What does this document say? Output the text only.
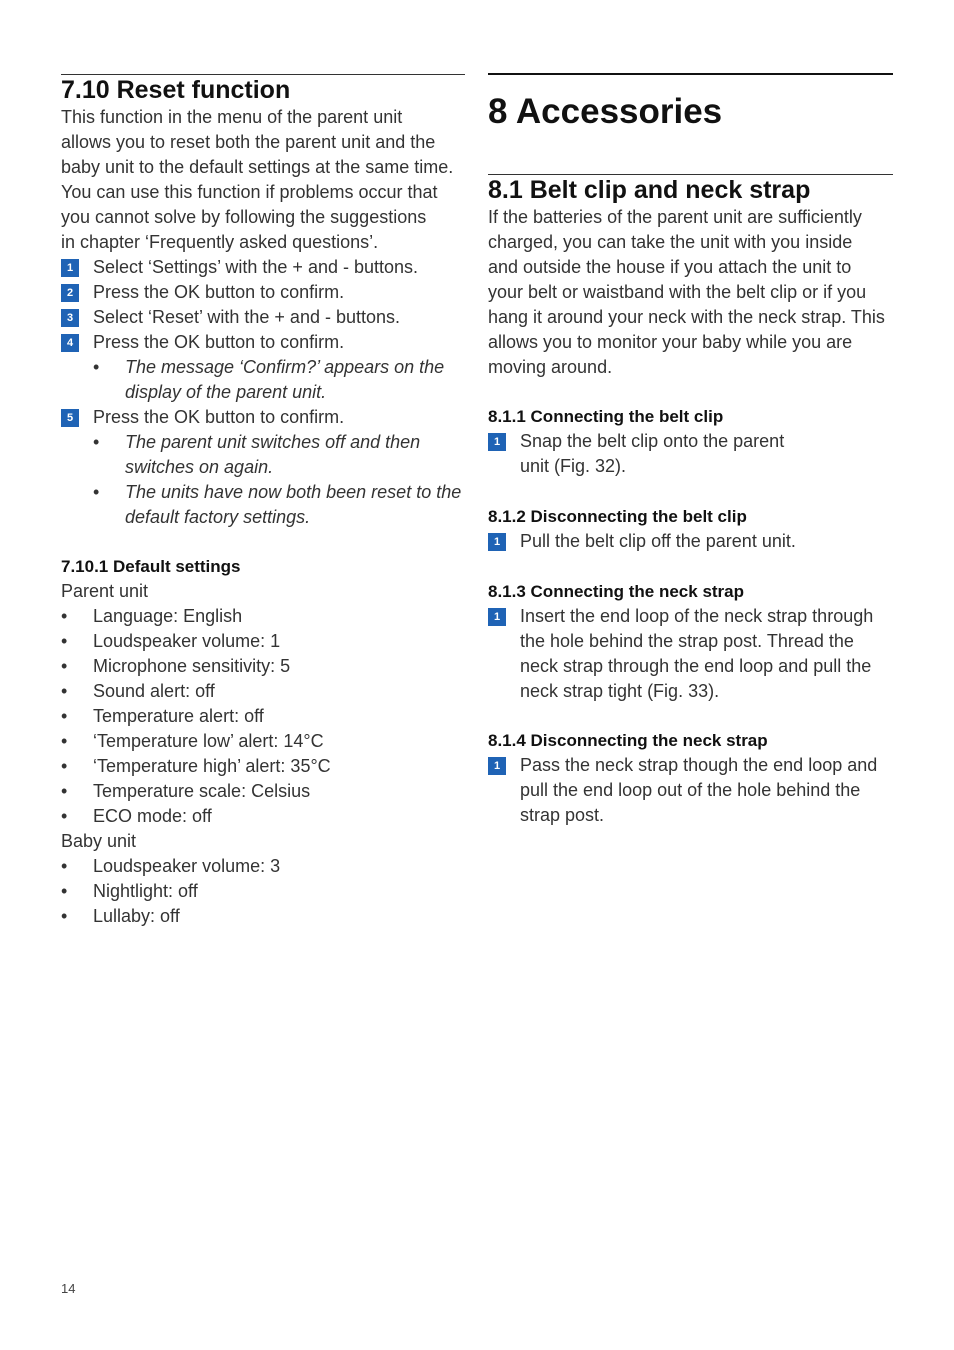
7.10 Reset function
This function in the menu of the parent unit
allows you to reset both the parent unit and the
baby unit to the default settings at the same time.
You can use this function if problems occur that
you cannot solve by following the suggestions
in chapter ‘Frequently asked questions’.
1	Select ‘Settings’ with the + and - buttons.
2	Press the OK button to confirm.
3	Select ‘Reset’ with the + and - buttons.
4	Press the OK button to confirm.
• The message ‘Confirm?’ appears on the
display of the parent unit.
5	Press the OK button to confirm.
• The parent unit switches off and then
switches on again.
• The units have now both been reset to the
default factory settings.
7.10.1 Default settings
Parent unit
• Language: English
• Loudspeaker volume: 1
• Microphone sensitivity: 5
• Sound alert: off
• Temperature alert: off
• ‘Temperature low’ alert: 14°C
• ‘Temperature high’ alert: 35°C
• Temperature scale: Celsius
• ECO mode: off
Baby unit
• Loudspeaker volume: 3
• Nightlight: off
• Lullaby: off
8 Accessories
8.1 Belt clip and neck strap
If the batteries of the parent unit are sufficiently
charged, you can take the unit with you inside
and outside the house if you attach the unit to
your belt or waistband with the belt clip or if you
hang it around your neck with the neck strap. This
allows you to monitor your baby while you are
moving around.
8.1.1 Connecting the belt clip
1	Snap the belt clip onto the parent
unit (Fig. 32).
8.1.2 Disconnecting the belt clip
1	Pull the belt clip off the parent unit.
8.1.3 Connecting the neck strap
1	Insert the end loop of the neck strap through
the hole behind the strap post. Thread the
neck strap through the end loop and pull the
neck strap tight (Fig. 33).
8.1.4 Disconnecting the neck strap
1	Pass the neck strap though the end loop and
pull the end loop out of the hole behind the
strap post.
14
